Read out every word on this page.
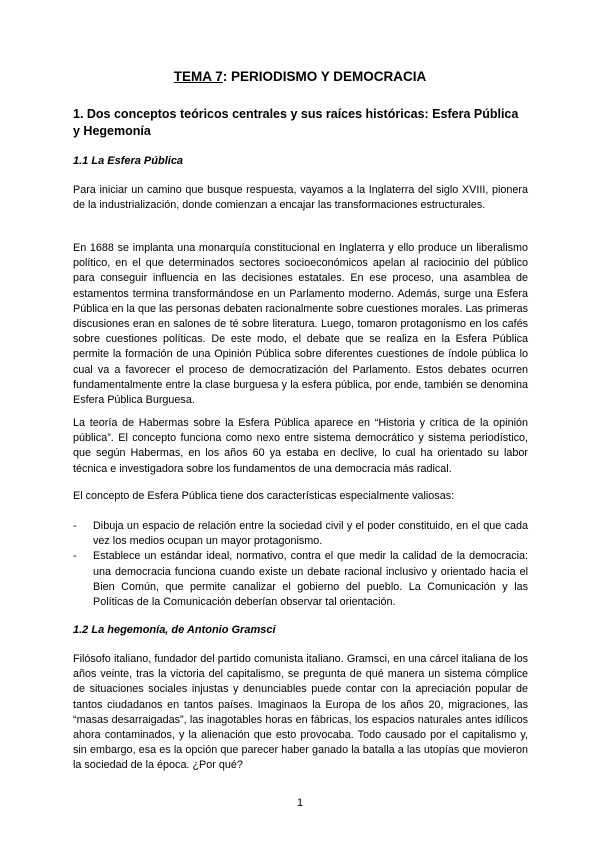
TEMA 7: PERIODISMO Y DEMOCRACIA
1. Dos conceptos teóricos centrales y sus raíces históricas: Esfera Pública y Hegemonía
1.1 La Esfera Pública

Para iniciar un camino que busque respuesta, vayamos a la Inglaterra del siglo XVIII, pionera de la industrialización, donde comienzan a encajar las transformaciones estructurales.

En 1688 se implanta una monarquía constitucional en Inglaterra y ello produce un liberalismo político, en el que determinados sectores socioeconómicos apelan al raciocinio del público para conseguir influencia en las decisiones estatales. En ese proceso, una asamblea de estamentos termina transformándose en un Parlamento moderno. Además, surge una Esfera Pública en la que las personas debaten racionalmente sobre cuestiones morales. Las primeras discusiones eran en salones de té sobre literatura. Luego, tomaron protagonismo en los cafés sobre cuestiones políticas. De este modo, el debate que se realiza en la Esfera Pública permite la formación de una Opinión Pública sobre diferentes cuestiones de índole pública lo cual va a favorecer el proceso de democratización del Parlamento. Estos debates ocurren fundamentalmente entre la clase burguesa y la esfera pública, por ende, también se denomina Esfera Pública Burguesa.

La teoría de Habermas sobre la Esfera Pública aparece en “Historia y crítica de la opinión pública”. El concepto funciona como nexo entre sistema democrático y sistema periodístico, que según Habermas, en los años 60 ya estaba en declive, lo cual ha orientado su labor técnica e investigadora sobre los fundamentos de una democracia más radical.

El concepto de Esfera Pública tiene dos características especialmente valiosas:

- Dibuja un espacio de relación entre la sociedad civil y el poder constituido, en el que cada vez los medios ocupan un mayor protagonismo.
- Establece un estándar ideal, normativo, contra el que medir la calidad de la democracia: una democracia funciona cuando existe un debate racional inclusivo y orientado hacia el Bien Común, que permite canalizar el gobierno del pueblo. La Comunicación y las Políticas de la Comunicación deberían observar tal orientación.
1.2 La hegemonía, de Antonio Gramsci

Filósofo italiano, fundador del partido comunista italiano. Gramsci, en una cárcel italiana de los años veinte, tras la victoria del capitalismo, se pregunta de qué manera un sistema cómplice de situaciones sociales injustas y denunciables puede contar con la apreciación popular de tantos ciudadanos en tantos países. Imaginaos la Europa de los años 20, migraciones, las “masas desarraigadas”, las inagotables horas en fábricas, los espacios naturales antes idílicos ahora contaminados, y la alienación que esto provocaba. Todo causado por el capitalismo y, sin embargo, esa es la opción que parecer haber ganado la batalla a las utopías que movieron la sociedad de la época. ¿Por qué?

1
